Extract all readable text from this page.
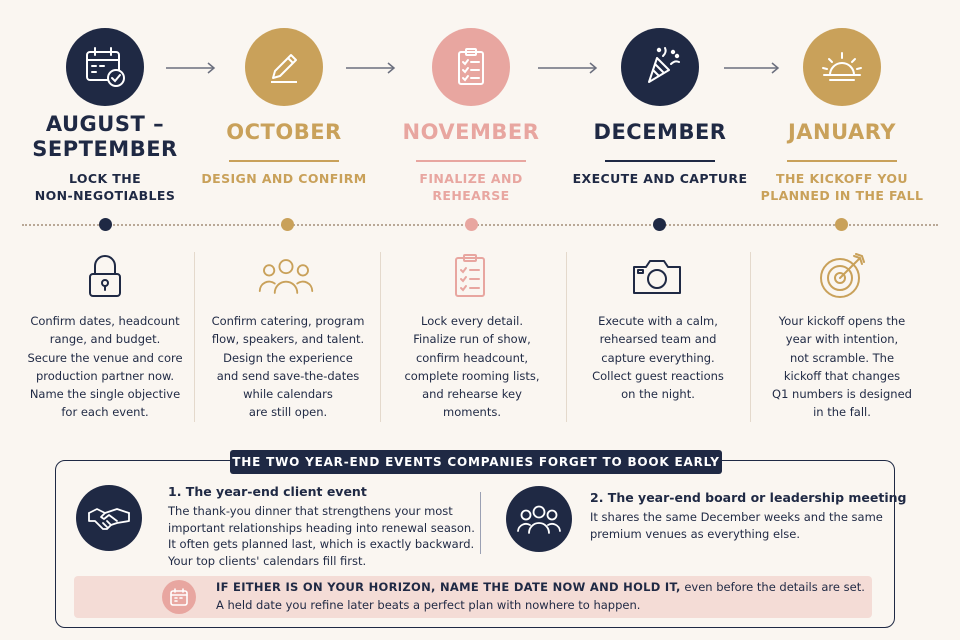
AUGUST –
SEPTEMBER
LOCK THE
NON-NEGOTIABLES
OCTOBER
DESIGN AND CONFIRM
NOVEMBER
FINALIZE AND REHEARSE
DECEMBER
EXECUTE AND CAPTURE
JANUARY
THE KICKOFF YOU
PLANNED IN THE FALL
Confirm dates, headcount
range, and budget.
Secure the venue and core
production partner now.
Name the single objective
for each event.
Confirm catering, program
flow, speakers, and talent.
Design the experience
and send save-the-dates
while calendars
are still open.
Lock every detail.
Finalize run of show,
confirm headcount,
complete rooming lists,
and rehearse key
moments.
Execute with a calm,
rehearsed team and
capture everything.
Collect guest reactions
on the night.
Your kickoff opens the
year with intention,
not scramble. The
kickoff that changes
Q1 numbers is designed
in the fall.
THE TWO YEAR-END EVENTS COMPANIES FORGET TO BOOK EARLY
1. The year-end client event
The thank-you dinner that strengthens your most
important relationships heading into renewal season.
It often gets planned last, which is exactly backward.
Your top clients' calendars fill first.
2. The year-end board or leadership meeting
It shares the same December weeks and the same
premium venues as everything else.
IF EITHER IS ON YOUR HORIZON, NAME THE DATE NOW AND HOLD IT, even before the details are set.
A held date you refine later beats a perfect plan with nowhere to happen.
